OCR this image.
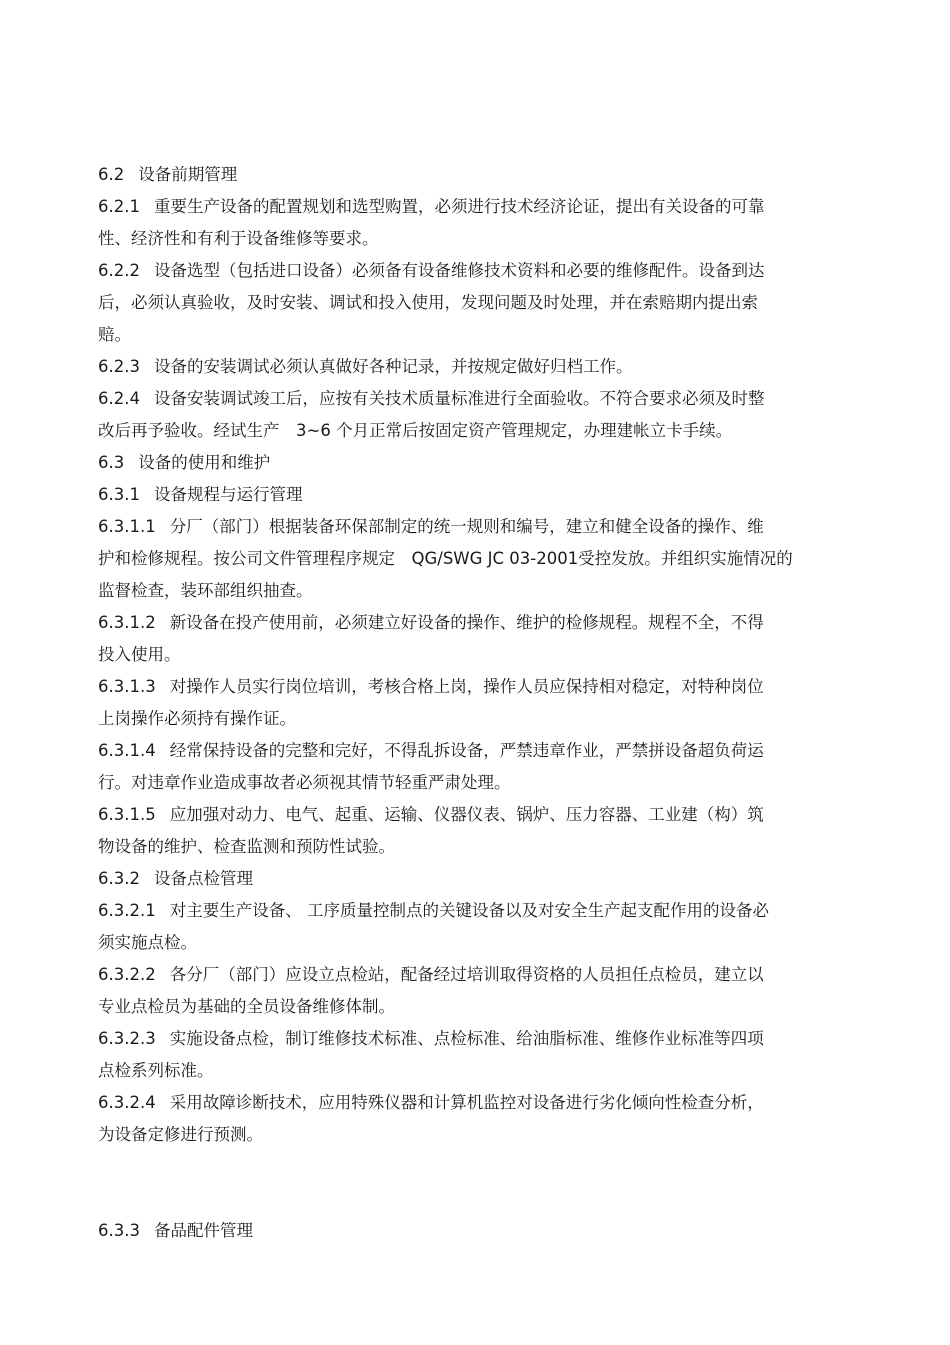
6.2 设备前期管理
6.2.1 重要生产设备的配置规划和选型购置，必须进行技术经济论证，提出有关设备的可靠
性、经济性和有利于设备维修等要求。
6.2.2 设备选型（包括进口设备）必须备有设备维修技术资料和必要的维修配件。设备到达
后，必须认真验收，及时安装、调试和投入使用，发现问题及时处理，并在索赔期内提出索
赔。
6.2.3 设备的安装调试必须认真做好各种记录，并按规定做好归档工作。
6.2.4 设备安装调试竣工后，应按有关技术质量标准进行全面验收。不符合要求必须及时整
改后再予验收。经试生产　3~6 个月正常后按固定资产管理规定，办理建帐立卡手续。
6.3 设备的使用和维护
6.3.1 设备规程与运行管理
6.3.1.1 分厂（部门）根据装备环保部制定的统一规则和编号，建立和健全设备的操作、维
护和检修规程。按公司文件管理程序规定　QG/SWG JC 03-2001受控发放。并组织实施情况的
监督检查，装环部组织抽查。
6.3.1.2 新设备在投产使用前，必须建立好设备的操作、维护的检修规程。规程不全，不得
投入使用。
6.3.1.3 对操作人员实行岗位培训，考核合格上岗，操作人员应保持相对稳定，对特种岗位
上岗操作必须持有操作证。
6.3.1.4 经常保持设备的完整和完好，不得乱拆设备，严禁违章作业，严禁拼设备超负荷运
行。对违章作业造成事故者必须视其情节轻重严肃处理。
6.3.1.5 应加强对动力、电气、起重、运输、仪器仪表、锅炉、压力容器、工业建（构）筑
物设备的维护、检查监测和预防性试验。
6.3.2 设备点检管理
6.3.2.1 对主要生产设备、 工序质量控制点的关键设备以及对安全生产起支配作用的设备必
须实施点检。
6.3.2.2 各分厂（部门）应设立点检站，配备经过培训取得资格的人员担任点检员，建立以
专业点检员为基础的全员设备维修体制。
6.3.2.3 实施设备点检，制订维修技术标准、点检标准、给油脂标准、维修作业标准等四项
点检系列标准。
6.3.2.4 采用故障诊断技术，应用特殊仪器和计算机监控对设备进行劣化倾向性检查分析，
为设备定修进行预测。
6.3.3 备品配件管理
